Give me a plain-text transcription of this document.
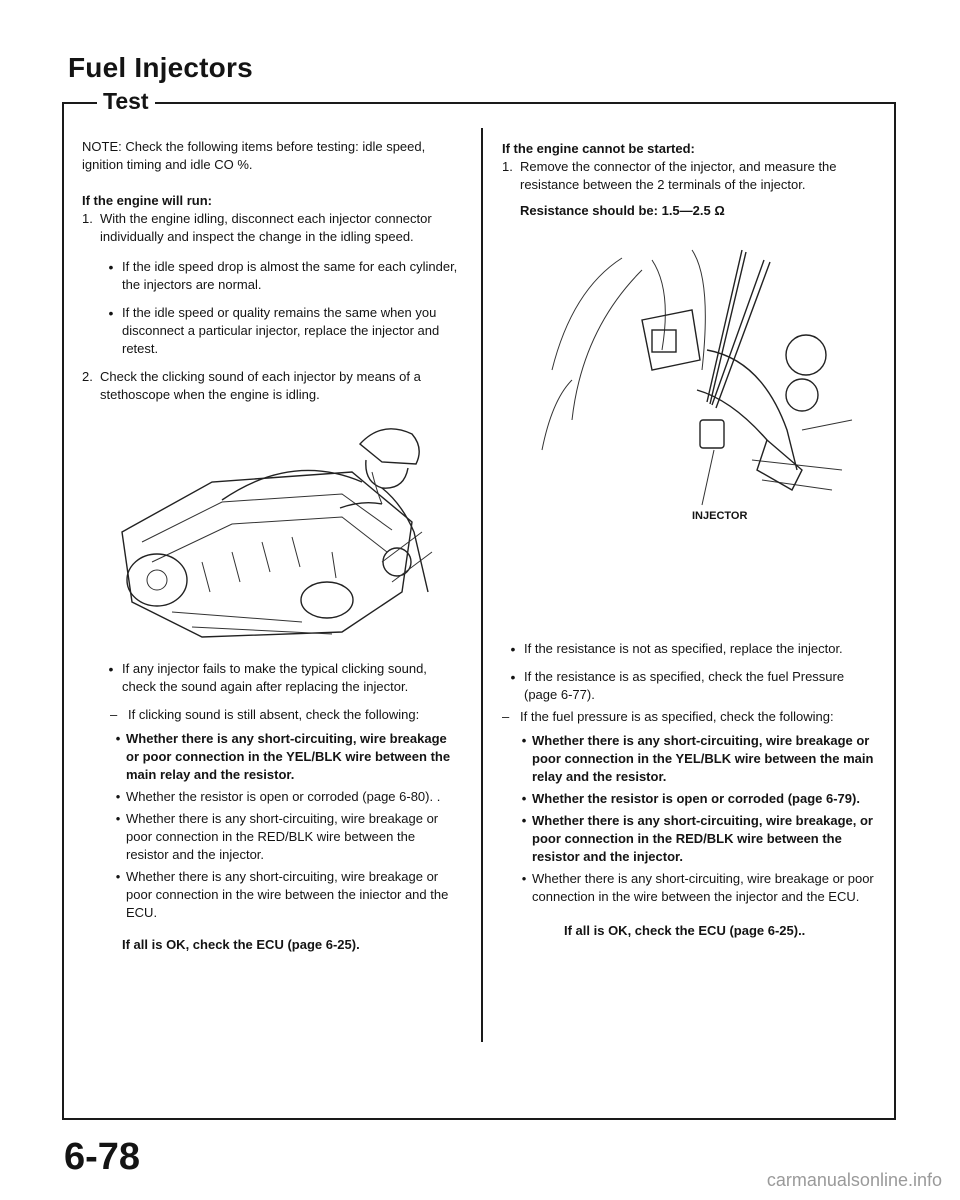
Fuel Injectors
Test

NOTE: Check the following items before testing: idle speed, ignition timing and idle CO %.

If the engine will run:
1. With the engine idling, disconnect each injector connector individually and inspect the change in the idling speed.
• If the idle speed drop is almost the same for each cylinder, the injectors are normal.
• If the idle speed or quality remains the same when you disconnect a particular injector, replace the injector and retest.
2. Check the clicking sound of each injector by means of a stethoscope when the engine is idling.
• If any injector fails to make the typical clicking sound, check the sound again after replacing the injector.
– If clicking sound is still absent, check the following:
• Whether there is any short-circuiting, wire breakage or poor connection in the YEL/BLK wire between the main relay and the resistor.
• Whether the resistor is open or corroded (page 6-80). .
• Whether there is any short-circuiting, wire breakage or poor connection in the RED/BLK wire between the resistor and the injector.
• Whether there is any short-circuiting, wire breakage or poor connection in the wire between the iniector and the ECU.

If all is OK, check the ECU (page 6-25).

If the engine cannot be started:
1. Remove the connector of the injector, and measure the resistance between the 2 terminals of the injector.

Resistance should be: 1.5—2.5 Ω

INJECTOR
• If the resistance is not as specified, replace the injector.
• If the resistance is as specified, check the fuel Pressure (page 6-77).
– If the fuel pressure is as specified, check the following:
• Whether there is any short-circuiting, wire breakage or poor connection in the YEL/BLK wire between the main relay and the resistor.
• Whether the resistor is open or corroded (page 6-79).
• Whether there is any short-circuiting, wire breakage, or poor connection in the RED/BLK wire between the resistor and the injector.
• Whether there is any short-circuiting, wire breakage or poor connection in the wire between the injector and the ECU.

If all is OK, check the ECU (page 6-25)..

6-78
carmanualsonline.info
